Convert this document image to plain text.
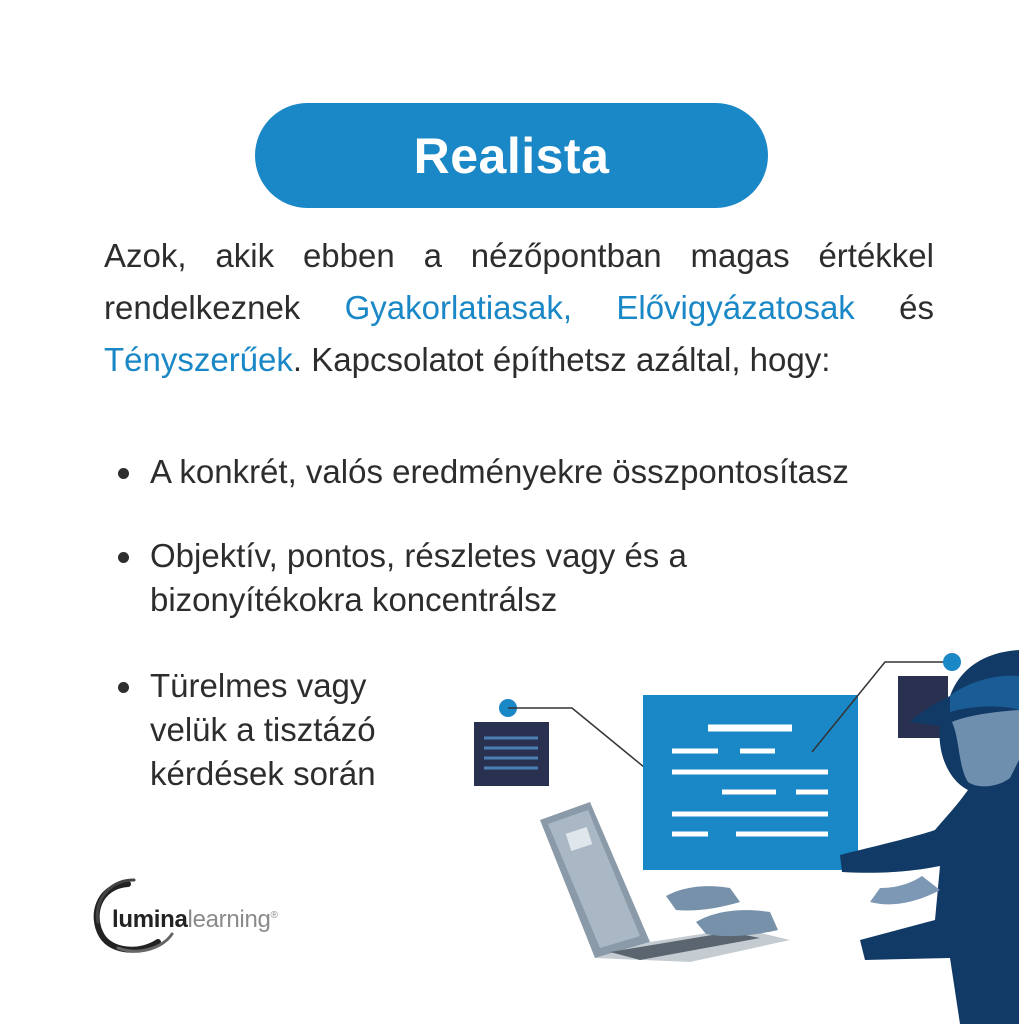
Realista
Azok, akik ebben a nézőpontban magas értékkel rendelkeznek Gyakorlatiasak, Elővigyázatosak és Tényszerűek. Kapcsolatot építhetsz azáltal, hogy:
A konkrét, valós eredményekre összpontosítasz
Objektív, pontos, részletes vagy és a
bizonyítékokra koncentrálsz
Türelmes vagy
velük a tisztázó
kérdések során
luminalearning®
